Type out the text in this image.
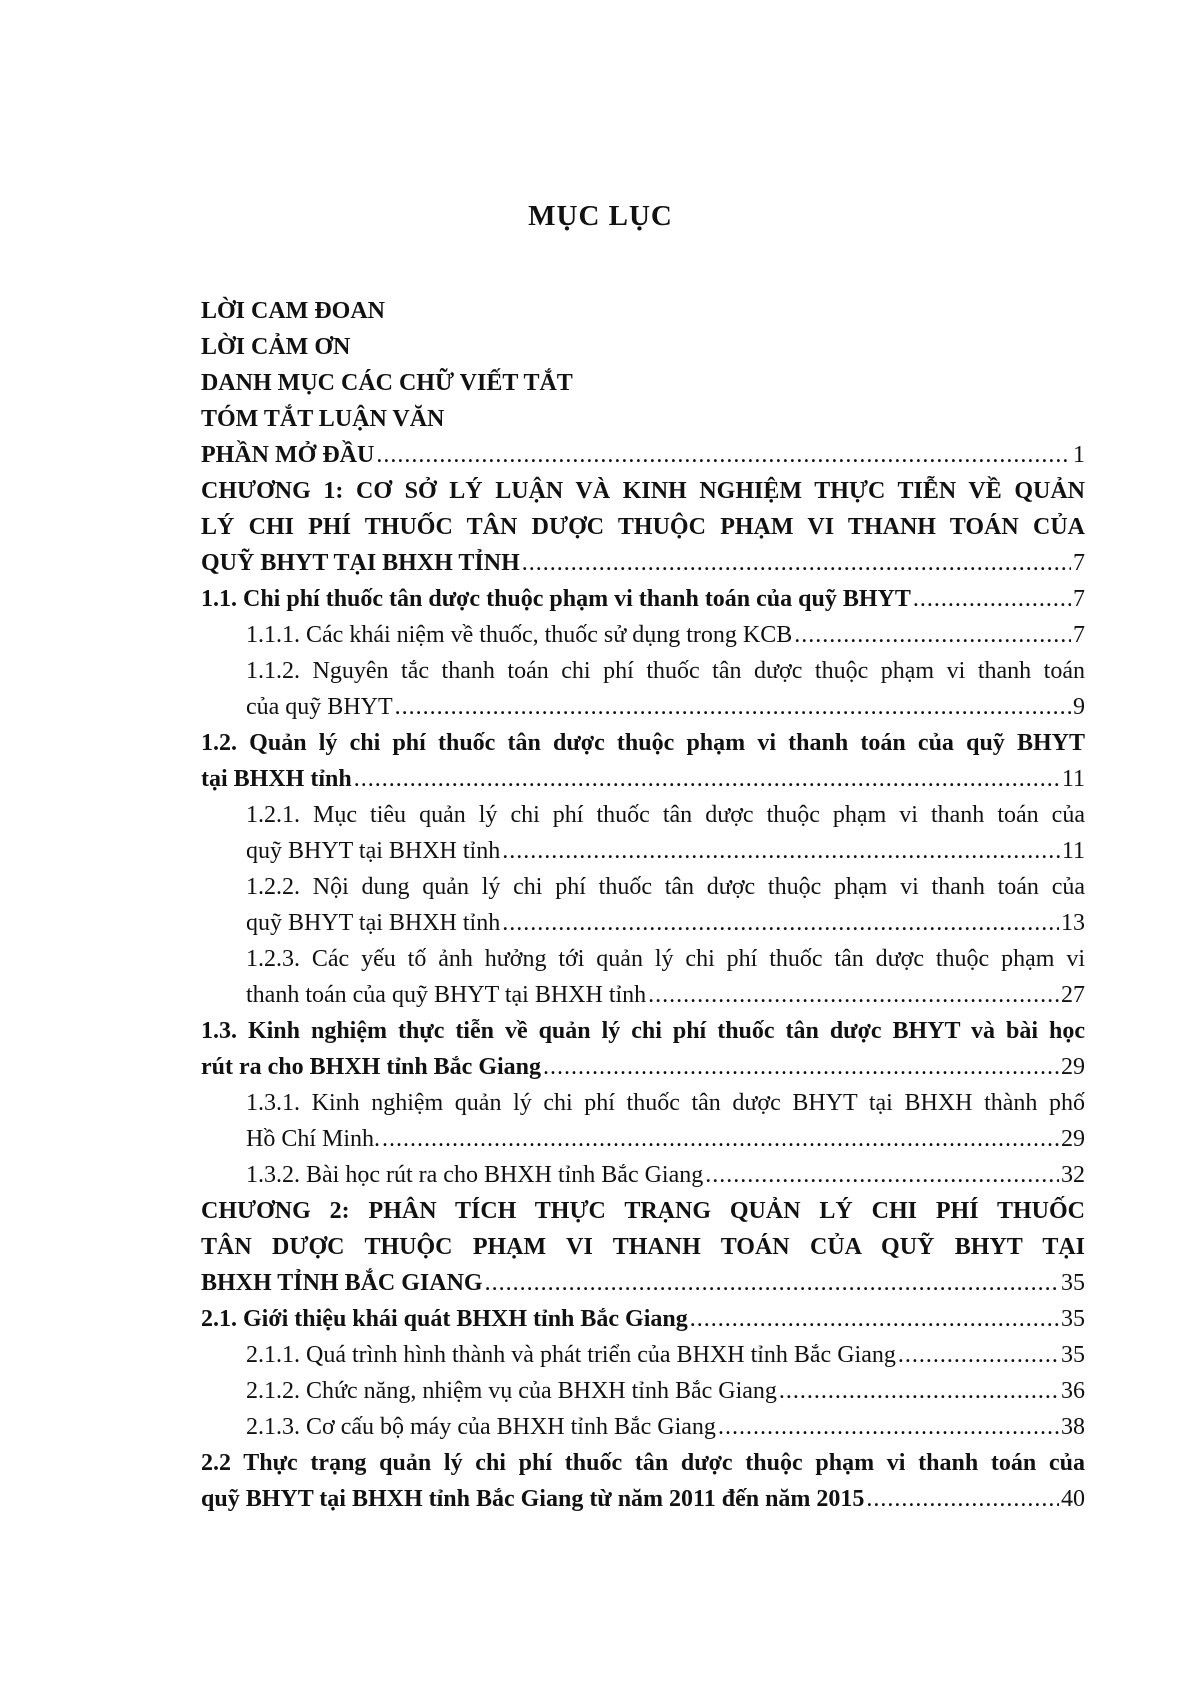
MỤC LỤC
LỜI CAM ĐOAN
LỜI CẢM ƠN
DANH MỤC CÁC CHỮ VIẾT TẮT
TÓM TẮT LUẬN VĂN
PHẦN MỞ ĐẦU .....	1
CHƯƠNG 1: CƠ SỞ LÝ LUẬN VÀ KINH NGHIỆM THỰC TIỄN VỀ QUẢN
LÝ CHI PHÍ THUỐC TÂN DƯỢC THUỘC PHẠM VI THANH TOÁN CỦA
QUỸ BHYT TẠI BHXH TỈNH .....	7
1.1. Chi phí thuốc tân dược thuộc phạm vi thanh toán của quỹ BHYT .....	7
1.1.1. Các khái niệm về thuốc, thuốc sử dụng trong KCB .....	7
1.1.2. Nguyên tắc thanh toán chi phí thuốc tân dược thuộc phạm vi thanh toán
của quỹ BHYT .....	9
1.2. Quản lý chi phí thuốc tân dược thuộc phạm vi thanh toán của quỹ BHYT
tại BHXH tỉnh .....	11
1.2.1. Mục tiêu quản lý chi phí thuốc tân dược thuộc phạm vi thanh toán của
quỹ BHYT tại BHXH tỉnh .....	11
1.2.2. Nội dung quản lý chi phí thuốc tân dược thuộc phạm vi thanh toán của
quỹ BHYT tại BHXH tỉnh .....	13
1.2.3. Các yếu tố ảnh hưởng tới quản lý chi phí thuốc tân dược thuộc phạm vi
thanh toán của quỹ BHYT tại BHXH tỉnh .....	27
1.3. Kinh nghiệm thực tiễn về quản lý chi phí thuốc tân dược BHYT và bài học
rút ra cho BHXH tỉnh Bắc Giang .....	29
1.3.1. Kinh nghiệm quản lý chi phí thuốc tân dược BHYT tại BHXH thành phố
Hồ Chí Minh. .....	29
1.3.2. Bài học rút ra cho BHXH tỉnh Bắc Giang .....	32
CHƯƠNG 2: PHÂN TÍCH THỰC TRẠNG QUẢN LÝ CHI PHÍ THUỐC
TÂN DƯỢC THUỘC PHẠM VI THANH TOÁN CỦA QUỸ BHYT TẠI
BHXH TỈNH BẮC GIANG .....	35
2.1. Giới thiệu khái quát BHXH tỉnh Bắc Giang .....	35
2.1.1. Quá trình hình thành và phát triển của BHXH tỉnh Bắc Giang .....	35
2.1.2. Chức năng, nhiệm vụ của BHXH tỉnh Bắc Giang .....	36
2.1.3. Cơ cấu bộ máy của BHXH tỉnh Bắc Giang .....	38
2.2 Thực trạng quản lý chi phí thuốc tân dược thuộc phạm vi thanh toán của
quỹ BHYT tại BHXH tỉnh Bắc Giang từ năm 2011 đến năm 2015 .....	40
